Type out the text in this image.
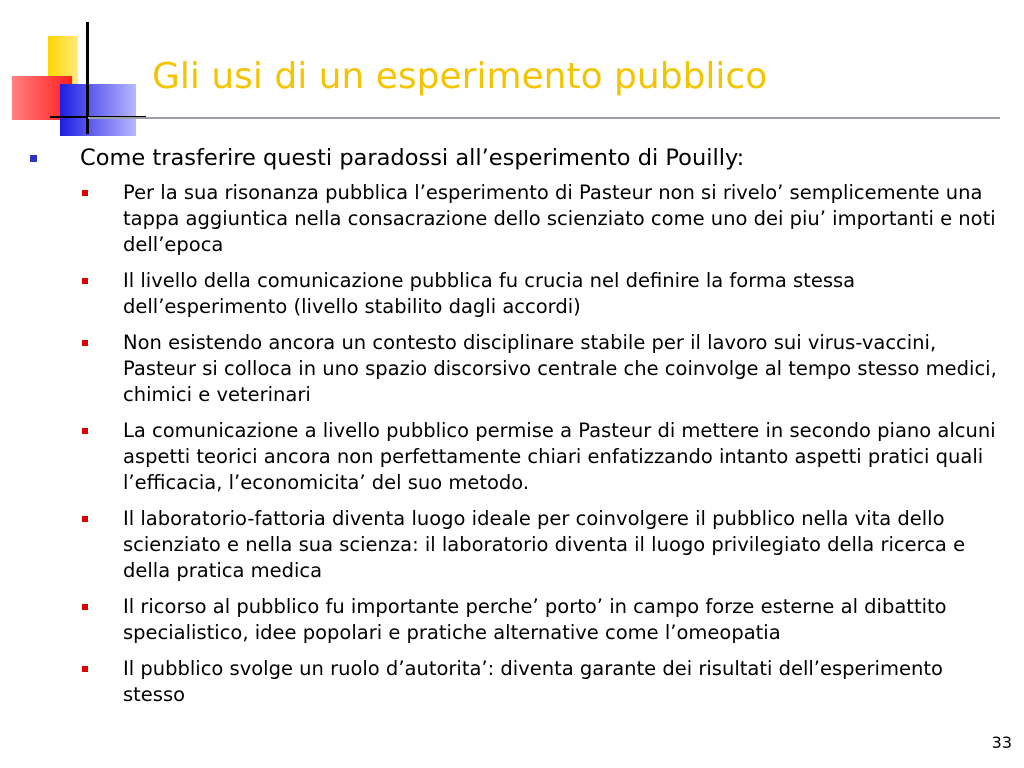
Gli usi di un esperimento pubblico
Come trasferire questi paradossi all’esperimento di Pouilly:
Per la sua risonanza pubblica l’esperimento di Pasteur non si rivelo’ semplicemente una tappa aggiuntica nella consacrazione dello scienziato come uno dei piu’ importanti e noti dell’epoca
Il livello della comunicazione pubblica fu crucia nel definire la forma stessa dell’esperimento (livello stabilito dagli accordi)
Non esistendo ancora un contesto disciplinare stabile per il lavoro sui virus-vaccini, Pasteur si colloca in uno spazio discorsivo centrale che coinvolge al tempo stesso medici, chimici e veterinari
La comunicazione a livello pubblico permise a Pasteur di mettere in secondo piano alcuni aspetti teorici ancora non perfettamente chiari enfatizzando intanto aspetti pratici quali l’efficacia, l’economicita’ del suo metodo.
Il laboratorio-fattoria diventa luogo ideale per coinvolgere il pubblico nella vita dello scienziato e nella sua scienza: il laboratorio diventa il luogo privilegiato della ricerca e della pratica medica
Il ricorso al pubblico fu importante perche’ porto’ in campo forze esterne al dibattito specialistico, idee popolari e pratiche alternative come l’omeopatia
Il pubblico svolge un ruolo d’autorita’: diventa garante dei risultati dell’esperimento stesso
33
